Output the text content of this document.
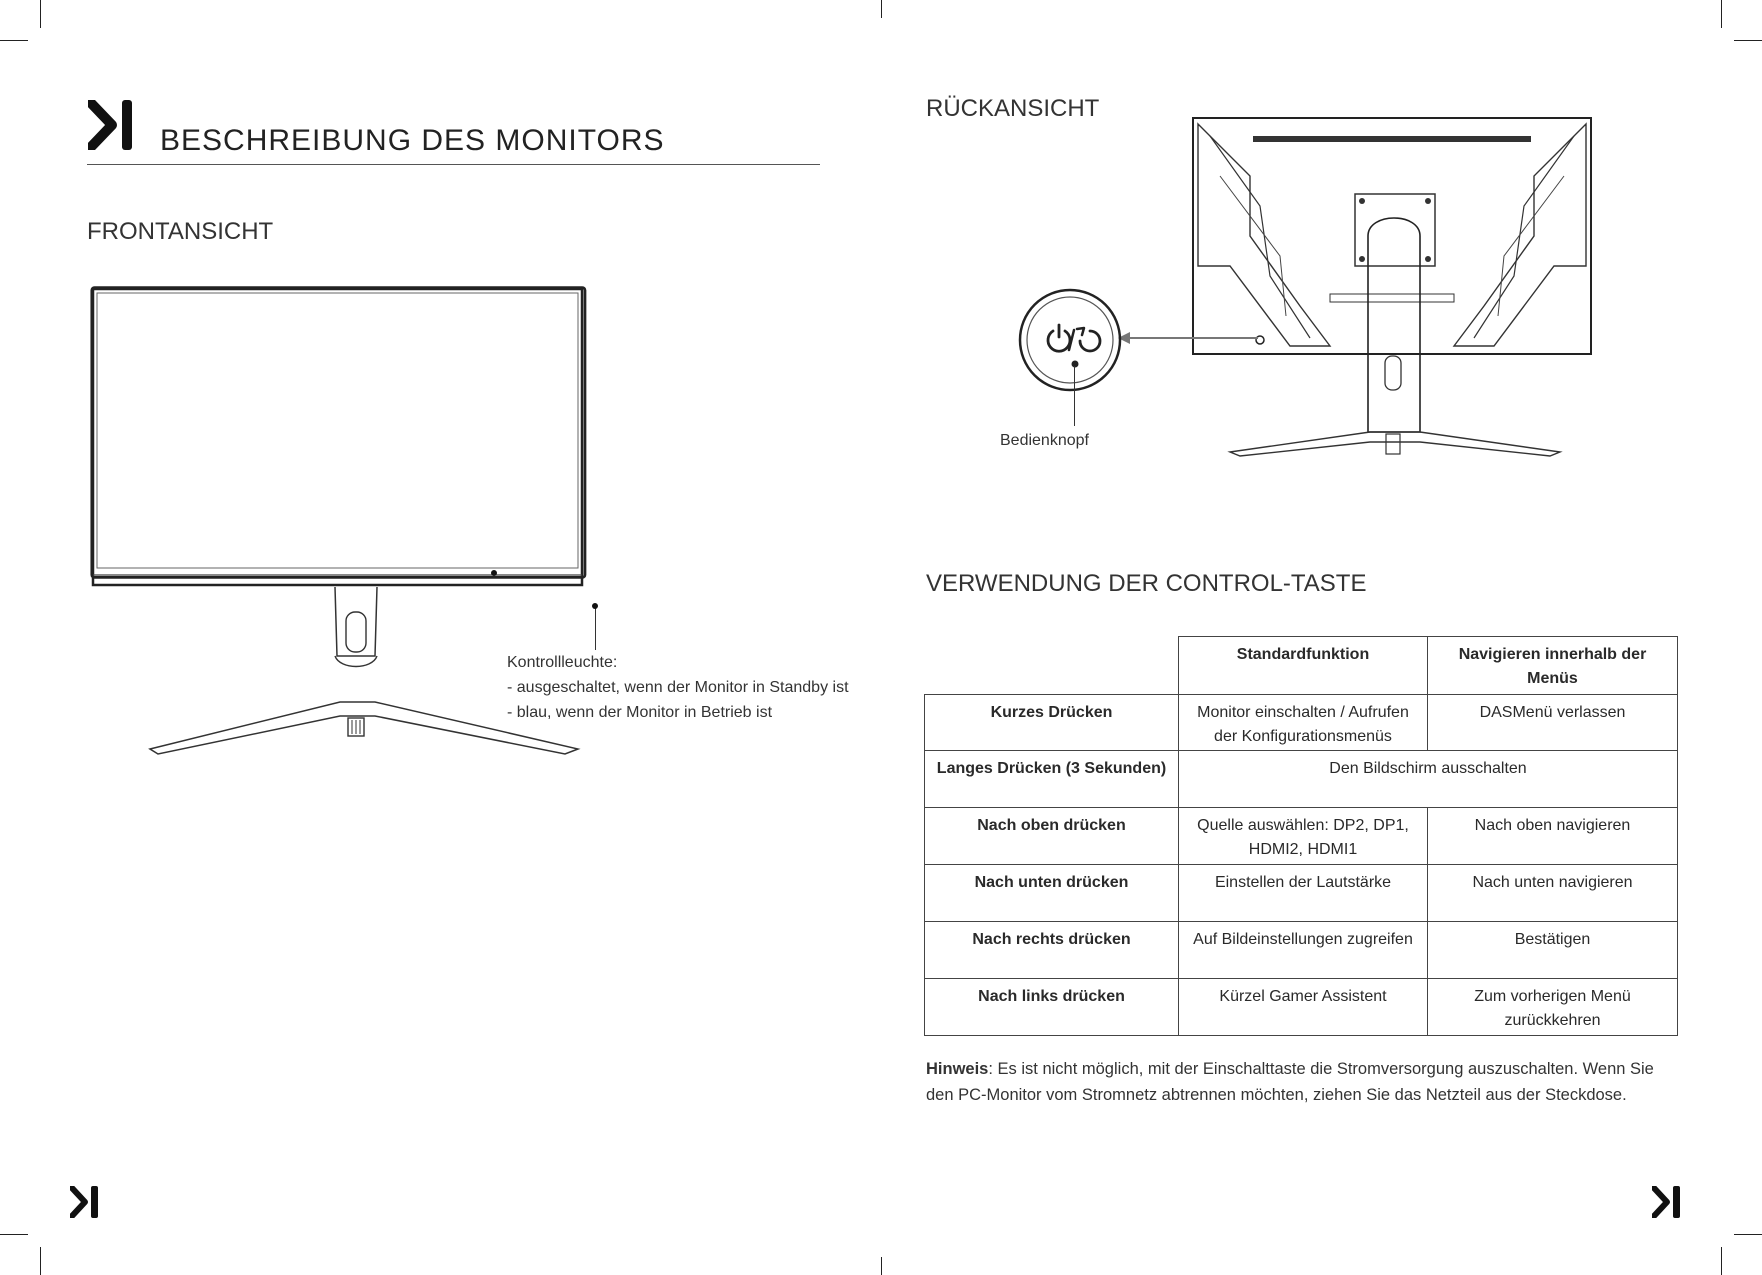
BESCHREIBUNG DES MONITORS
FRONTANSICHT
Kontrollleuchte:
- ausgeschaltet, wenn der Monitor in Standby ist
- blau, wenn der Monitor in Betrieb ist
RÜCKANSICHT
Bedienknopf
VERWENDUNG DER CONTROL-TASTE
	Standardfunktion	Navigieren innerhalb der Menüs
Kurzes Drücken	Monitor einschalten / Aufrufen der Konfigurationsmenüs	DASMenü verlassen
Langes Drücken (3 Sekunden)	Den Bildschirm ausschalten	
Nach oben drücken	Quelle auswählen: DP2, DP1, HDMI2, HDMI1	Nach oben navigieren
Nach unten drücken	Einstellen der Lautstärke	Nach unten navigieren
Nach rechts drücken	Auf Bildeinstellungen zugreifen	Bestätigen
Nach links drücken	Kürzel Gamer Assistent	Zum vorherigen Menü zurückkehren
Hinweis: Es ist nicht möglich, mit der Einschalttaste die Stromversorgung auszuschalten. Wenn Sie den PC-Monitor vom Stromnetz abtrennen möchten, ziehen Sie das Netzteil aus der Steckdose.
